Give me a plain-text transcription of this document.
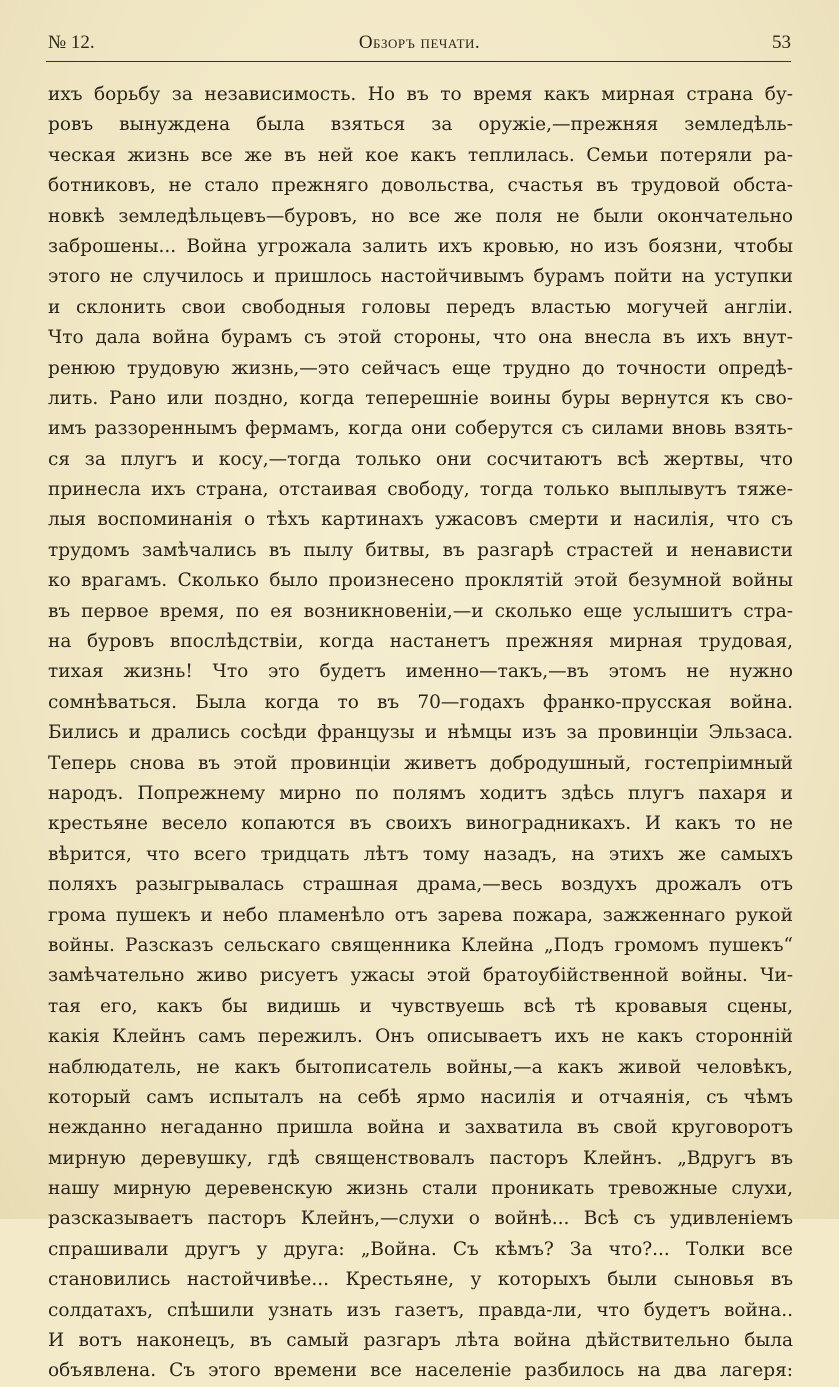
№ 12.	Обзоръ печати.	53
ихъ борьбу за независимость. Но въ то время какъ мирная страна бу-
ровъ вынуждена была взяться за оружіе,—прежняя земледѣль-
ческая жизнь все же въ ней кое какъ теплилась. Семьи потеряли ра-
ботниковъ, не стало прежняго довольства, счастья въ трудовой обста-
новкѣ земледѣльцевъ—буровъ, но все же поля не были окончательно
заброшены... Война угрожала залить ихъ кровью, но изъ боязни, чтобы
этого не случилось и пришлось настойчивымъ бурамъ пойти на уступки
и склонить свои свободныя головы передъ властью могучей англіи.
Что дала война бурамъ съ этой стороны, что она внесла въ ихъ внут-
ренюю трудовую жизнь,—это сейчасъ еще трудно до точности опредѣ-
лить. Рано или поздно, когда теперешніе воины буры вернутся къ сво-
имъ раззореннымъ фермамъ, когда они соберутся съ силами вновь взять-
ся за плугъ и косу,—тогда только они сосчитаютъ всѣ жертвы, что
принесла ихъ страна, отстаивая свободу, тогда только выплывутъ тяже-
лыя воспоминанія о тѣхъ картинахъ ужасовъ смерти и насилія, что съ
трудомъ замѣчались въ пылу битвы, въ разгарѣ страстей и ненависти
ко врагамъ. Сколько было произнесено проклятій этой безумной войны
въ первое время, по ея возникновеніи,—и сколько еще услышитъ стра-
на буровъ впослѣдствіи, когда настанетъ прежняя мирная трудовая,
тихая жизнь! Что это будетъ именно—такъ,—въ этомъ не нужно
сомнѣваться. Была когда то въ 70—годахъ франко-прусская война.
Бились и дрались сосѣди французы и нѣмцы изъ за провинціи Эльзаса.
Теперь снова въ этой провинціи живетъ добродушный, гостепріимный
народъ. Попрежнему мирно по полямъ ходитъ здѣсь плугъ пахаря и
крестьяне весело копаются въ своихъ виноградникахъ. И какъ то не
вѣрится, что всего тридцать лѣтъ тому назадъ, на этихъ же самыхъ
поляхъ разыгрывалась страшная драма,—весь воздухъ дрожалъ отъ
грома пушекъ и небо пламенѣло отъ зарева пожара, зажженнаго рукой
войны. Разсказъ сельскаго священника Клейна „Подъ громомъ пушекъ“
замѣчательно живо рисуетъ ужасы этой братоубійственной войны. Чи-
тая его, какъ бы видишь и чувствуешь всѣ тѣ кровавыя сцены,
какія Клейнъ самъ пережилъ. Онъ описываетъ ихъ не какъ сторонній
наблюдатель, не какъ бытописатель войны,—а какъ живой человѣкъ,
который самъ испыталъ на себѣ ярмо насилія и отчаянія, съ чѣмъ
нежданно негаданно пришла война и захватила въ свой круговоротъ
мирную деревушку, гдѣ священствовалъ пасторъ Клейнъ. „Вдругъ въ
нашу мирную деревенскую жизнь стали проникать тревожные слухи,
разсказываетъ пасторъ Клейнъ,—слухи о войнѣ... Всѣ съ удивленіемъ
спрашивали другъ у друга: „Война. Съ кѣмъ? За что?... Толки все
становились настойчивѣе... Крестьяне, у которыхъ были сыновья въ
солдатахъ, спѣшили узнать изъ газетъ, правда-ли, что будетъ война..
И вотъ наконецъ, въ самый разгаръ лѣта война дѣйствительно была
объявлена. Съ этого времени все населеніе разбилось на два лагеря:
